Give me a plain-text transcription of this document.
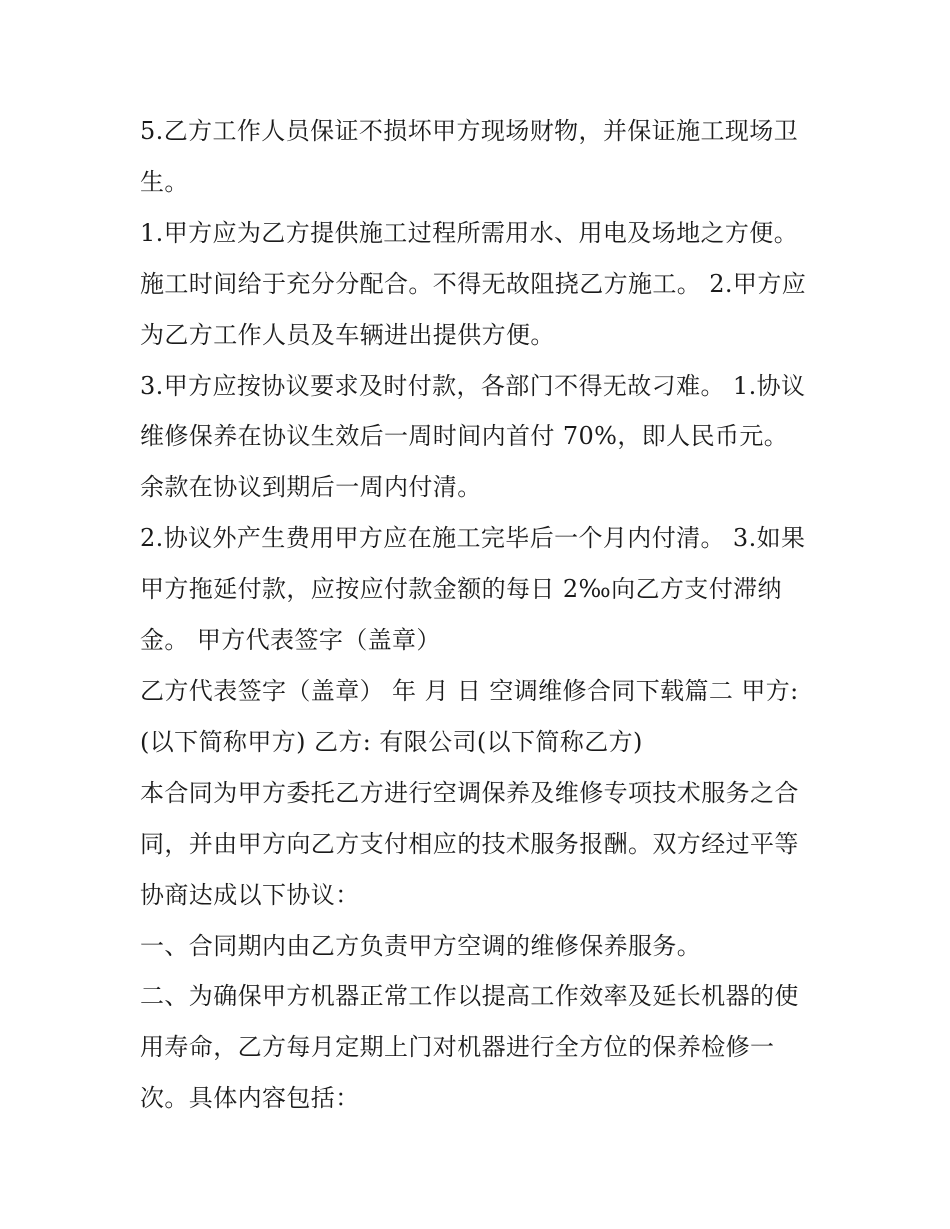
5.乙方工作人员保证不损坏甲方现场财物，并保证施工现场卫

生。

1.甲方应为乙方提供施工过程所需用水、用电及场地之方便。

施工时间给于充分分配合。不得无故阻挠乙方施工。 2.甲方应

为乙方工作人员及车辆进出提供方便。

3.甲方应按协议要求及时付款，各部门不得无故刁难。 1.协议

维修保养在协议生效后一周时间内首付 70%，即人民币元。

余款在协议到期后一周内付清。

2.协议外产生费用甲方应在施工完毕后一个月内付清。 3.如果

甲方拖延付款，应按应付款金额的每日 2‰向乙方支付滞纳

金。 甲方代表签字（盖章）

乙方代表签字（盖章） 年 月 日 空调维修合同下载篇二 甲方:

(以下简称甲方) 乙方: 有限公司(以下简称乙方)

本合同为甲方委托乙方进行空调保养及维修专项技术服务之合

同，并由甲方向乙方支付相应的技术服务报酬。双方经过平等

协商达成以下协议：

一、合同期内由乙方负责甲方空调的维修保养服务。

二、为确保甲方机器正常工作以提高工作效率及延长机器的使

用寿命，乙方每月定期上门对机器进行全方位的保养检修一

次。具体内容包括：
